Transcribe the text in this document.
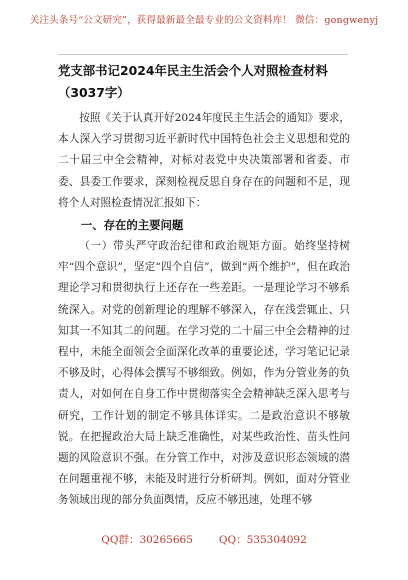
关注头条号“公文研究”，获得最新最全最专业的公文资料库！ 微信：gongwenyj
党支部书记2024年民主生活会个人对照检查材料（3037字）

按照《关于认真开好2024年度民主生活会的通知》要求，本人深入学习贯彻习近平新时代中国特色社会主义思想和党的二十届三中全会精神，对标对表党中央决策部署和省委、市委、县委工作要求，深刻检视反思自身存在的问题和不足，现将个人对照检查情况汇报如下：

一、存在的主要问题

（一）带头严守政治纪律和政治规矩方面。始终坚持树牢“四个意识”，坚定“四个自信”，做到“两个维护”，但在政治理论学习和贯彻执行上还存在一些差距。一是理论学习不够系统深入。对党的创新理论的理解不够深入，存在浅尝辄止、只知其一不知其二的问题。在学习党的二十届三中全会精神的过程中，未能全面领会全面深化改革的重要论述，学习笔记记录不够及时，心得体会撰写不够细致。例如，作为分管业务的负责人，对如何在自身工作中贯彻落实全会精神缺乏深入思考与研究，工作计划的制定不够具体详实。二是政治意识不够敏锐。在把握政治大局上缺乏准确性，对某些政治性、苗头性问题的风险意识不强。在分管工作中，对涉及意识形态领域的潜在问题重视不够，未能及时进行分析研判。例如，面对分管业务领域出现的部分负面舆情，反应不够迅速，处理不够

QQ群：30265665 QQ：535304092
